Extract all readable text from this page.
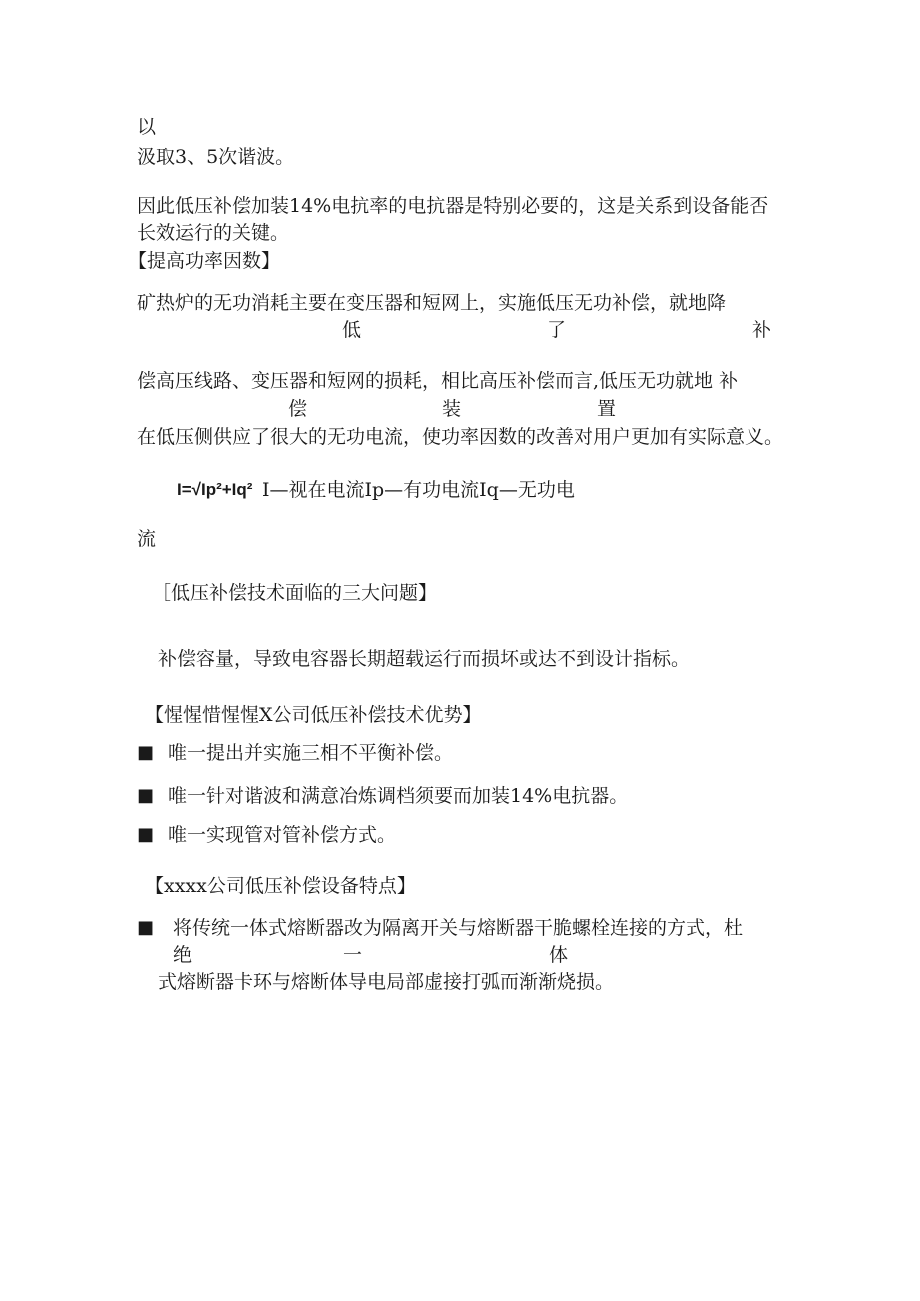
以
汲取3、5次谐波。
因此低压补偿加装14%电抗率的电抗器是特别必要的，这是关系到设备能否
长效运行的关键。
【提高功率因数】
矿热炉的无功消耗主要在变压器和短网上，实施低压无功补偿，就地降
低	了	补
偿高压线路、变压器和短网的损耗，相比高压补偿而言,低压无功就地 补
偿	装	置
在低压侧供应了很大的无功电流，使功率因数的改善对用户更加有实际意义。
I=√Ip²+Iq² I—视在电流Ip—有功电流Iq—无功电
流
［低压补偿技术面临的三大问题】
补偿容量，导致电容器长期超载运行而损坏或达不到设计指标。
【惺惺惜惺惺X公司低压补偿技术优势】
■ 唯一提出并实施三相不平衡补偿。
■ 唯一针对谐波和满意冶炼调档须要而加装14%电抗器。
■ 唯一实现管对管补偿方式。
【xxxx公司低压补偿设备特点】
■ 将传统一体式熔断器改为隔离开关与熔断器干脆螺栓连接的方式，杜
绝	一	体
式熔断器卡环与熔断体导电局部虚接打弧而渐渐烧损。
